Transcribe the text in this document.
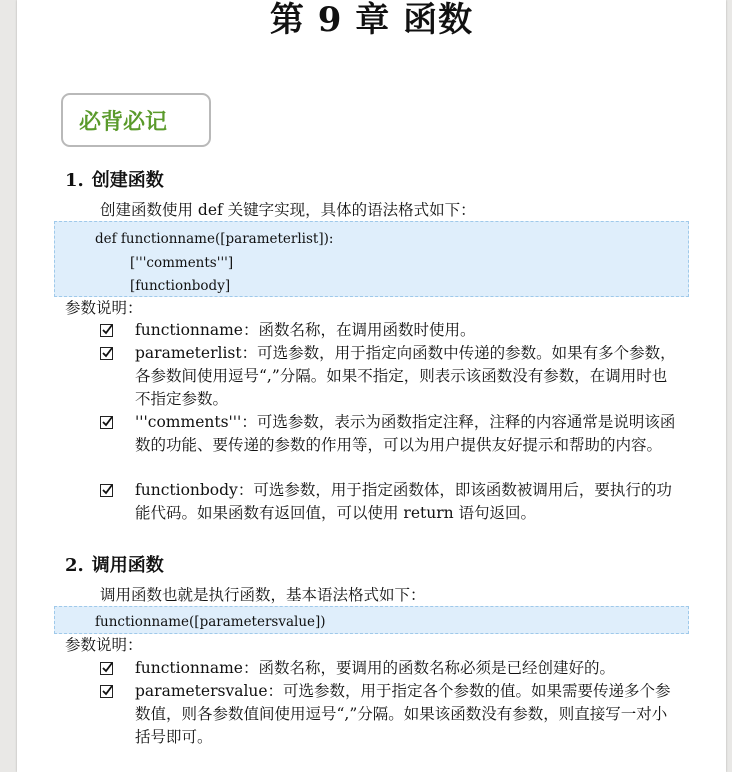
第 9 章 函数
必背必记
1. 创建函数
创建函数使用 def 关键字实现，具体的语法格式如下：
def functionname([parameterlist]):
['''comments''']
[functionbody]
参数说明：
functionname：函数名称，在调用函数时使用。
parameterlist：可选参数，用于指定向函数中传递的参数。如果有多个参数，各参数间使用逗号“,”分隔。如果不指定，则表示该函数没有参数，在调用时也不指定参数。
'''comments'''：可选参数，表示为函数指定注释，注释的内容通常是说明该函数的功能、要传递的参数的作用等，可以为用户提供友好提示和帮助的内容。
functionbody：可选参数，用于指定函数体，即该函数被调用后，要执行的功能代码。如果函数有返回值，可以使用 return 语句返回。
2. 调用函数
调用函数也就是执行函数，基本语法格式如下：
functionname([parametersvalue])
参数说明：
functionname：函数名称，要调用的函数名称必须是已经创建好的。
parametersvalue：可选参数，用于指定各个参数的值。如果需要传递多个参数值，则各参数值间使用逗号“,”分隔。如果该函数没有参数，则直接写一对小括号即可。
